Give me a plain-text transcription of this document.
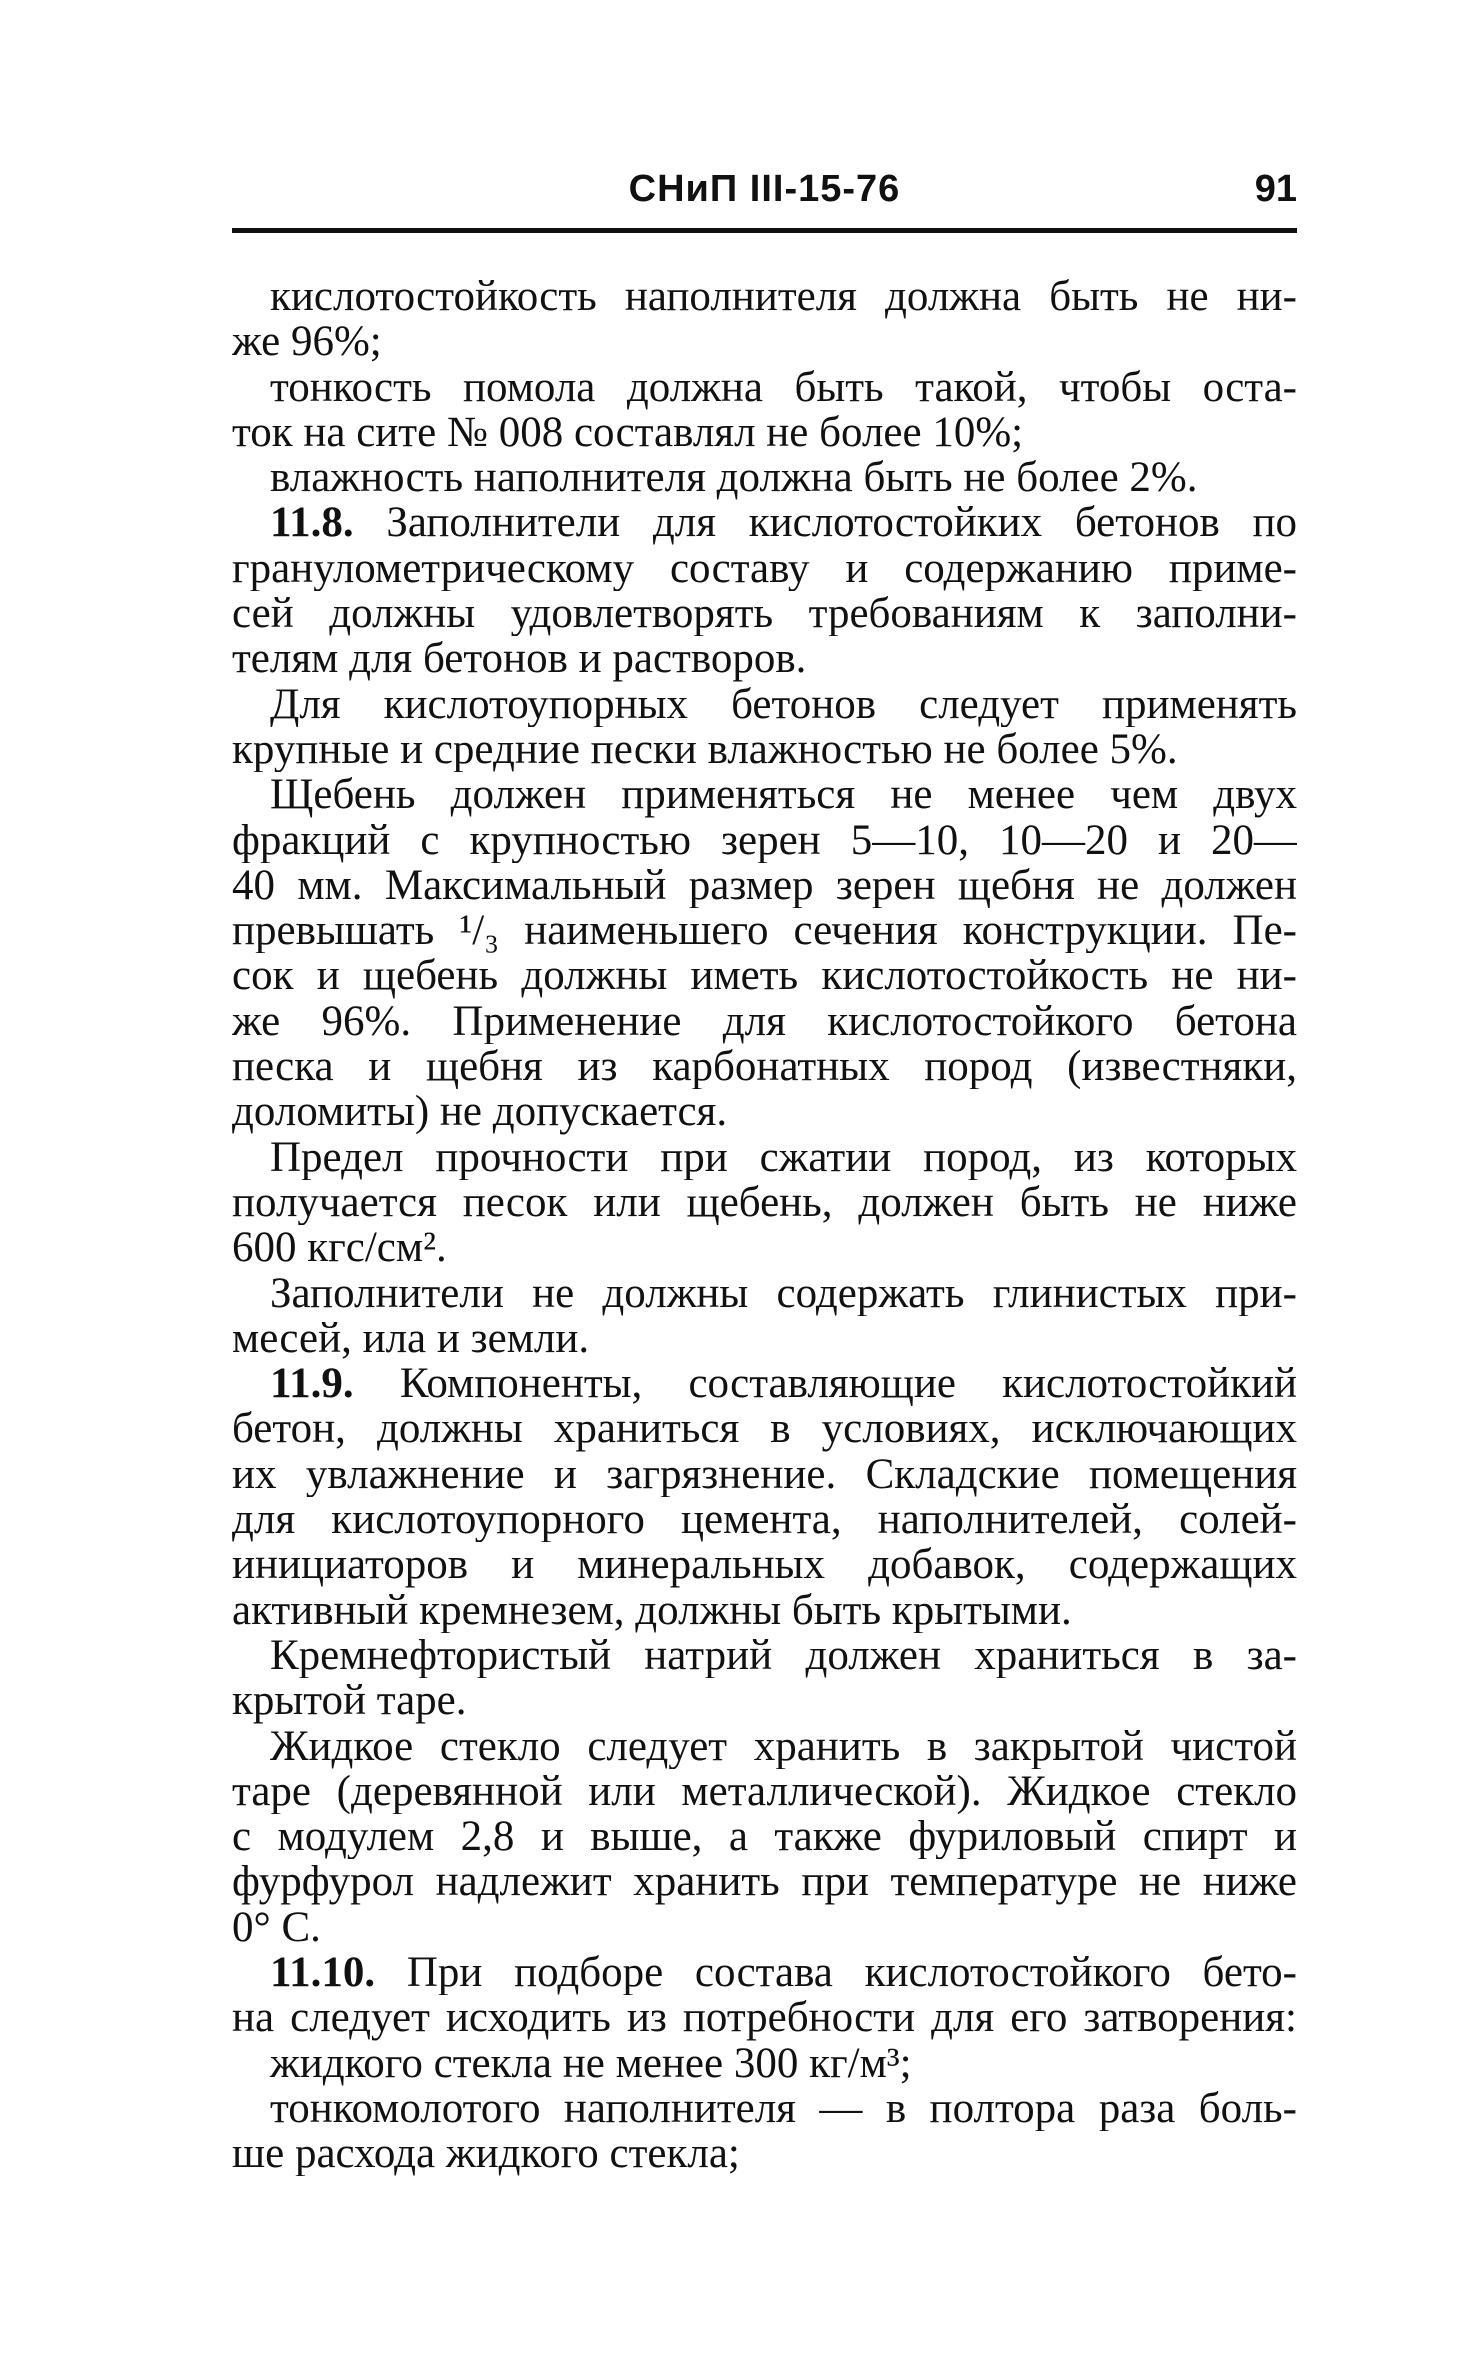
СНиП III-15-76	91
кислотостойкость наполнителя должна быть не ни-
же 96%;
тонкость помола должна быть такой, чтобы оста-
ток на сите № 008 составлял не более 10%;
влажность наполнителя должна быть не более 2%.
11.8. Заполнители для кислотостойких бетонов по
гранулометрическому составу и содержанию приме-
сей должны удовлетворять требованиям к заполни-
телям для бетонов и растворов.
Для кислотоупорных бетонов следует применять
крупные и средние пески влажностью не более 5%.
Щебень должен применяться не менее чем двух
фракций с крупностью зерен 5—10, 10—20 и 20—
40 мм. Максимальный размер зерен щебня не должен
превышать ¹/₃ наименьшего сечения конструкции. Пе-
сок и щебень должны иметь кислотостойкость не ни-
же 96%. Применение для кислотостойкого бетона
песка и щебня из карбонатных пород (известняки,
доломиты) не допускается.
Предел прочности при сжатии пород, из которых
получается песок или щебень, должен быть не ниже
600 кгс/см².
Заполнители не должны содержать глинистых при-
месей, ила и земли.
11.9. Компоненты, составляющие кислотостойкий
бетон, должны храниться в условиях, исключающих
их увлажнение и загрязнение. Складские помещения
для кислотоупорного цемента, наполнителей, солей-
инициаторов и минеральных добавок, содержащих
активный кремнезем, должны быть крытыми.
Кремнефтористый натрий должен храниться в за-
крытой таре.
Жидкое стекло следует хранить в закрытой чистой
таре (деревянной или металлической). Жидкое стекло
с модулем 2,8 и выше, а также фуриловый спирт и
фурфурол надлежит хранить при температуре не ниже
0° С.
11.10. При подборе состава кислотостойкого бето-
на следует исходить из потребности для его затворения:
жидкого стекла не менее 300 кг/м³;
тонкомолотого наполнителя — в полтора раза боль-
ше расхода жидкого стекла;
